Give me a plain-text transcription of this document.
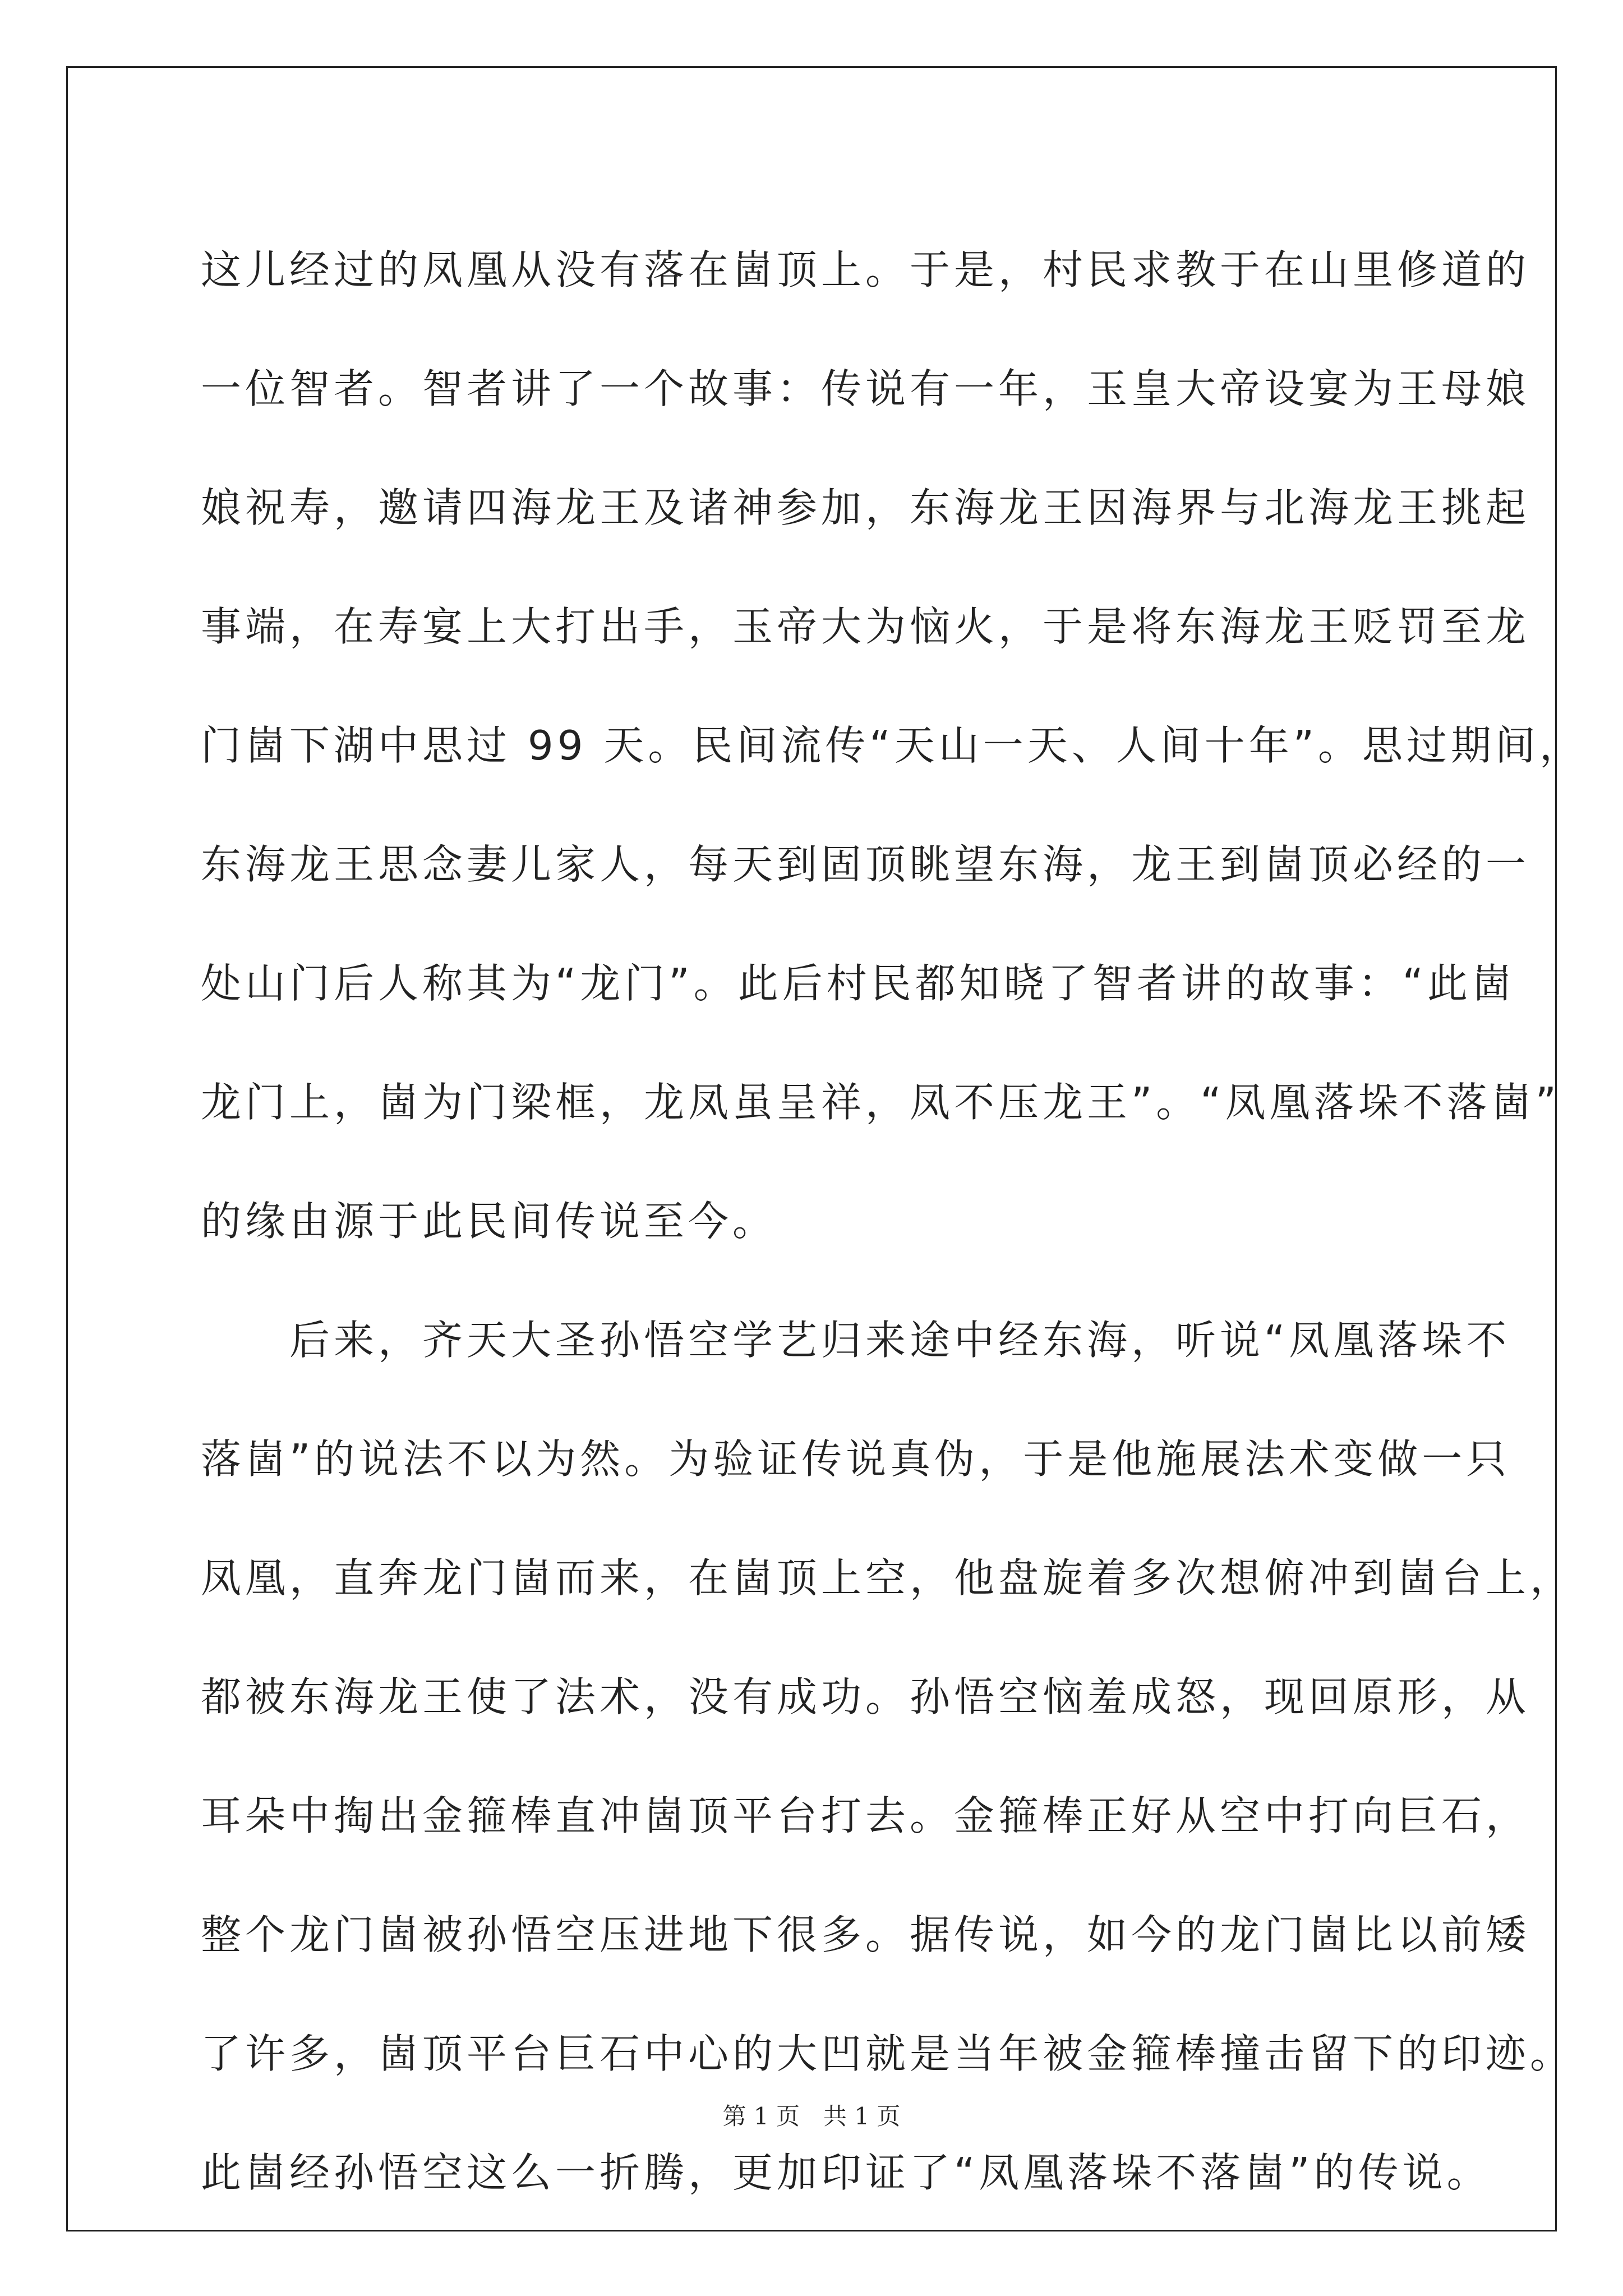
这儿经过的凤凰从没有落在崮顶上。于是，村民求教于在山里修道的
一位智者。智者讲了一个故事：传说有一年，玉皇大帝设宴为王母娘
娘祝寿，邀请四海龙王及诸神参加，东海龙王因海界与北海龙王挑起
事端，在寿宴上大打出手，玉帝大为恼火，于是将东海龙王贬罚至龙
门崮下湖中思过 99 天。民间流传“天山一天、人间十年”。思过期间，
东海龙王思念妻儿家人，每天到固顶眺望东海，龙王到崮顶必经的一
处山门后人称其为“龙门”。此后村民都知晓了智者讲的故事：“此崮
龙门上，崮为门梁框，龙凤虽呈祥，凤不压龙王”。“凤凰落垛不落崮”
的缘由源于此民间传说至今。
后来，齐天大圣孙悟空学艺归来途中经东海，听说“凤凰落垛不
落崮”的说法不以为然。为验证传说真伪，于是他施展法术变做一只
凤凰，直奔龙门崮而来，在崮顶上空，他盘旋着多次想俯冲到崮台上，
都被东海龙王使了法术，没有成功。孙悟空恼羞成怒，现回原形，从
耳朵中掏出金箍棒直冲崮顶平台打去。金箍棒正好从空中打向巨石，
整个龙门崮被孙悟空压进地下很多。据传说，如今的龙门崮比以前矮
了许多，崮顶平台巨石中心的大凹就是当年被金箍棒撞击留下的印迹。
此崮经孙悟空这么一折腾，更加印证了“凤凰落垛不落崮”的传说。
第 1 页　共 1 页
